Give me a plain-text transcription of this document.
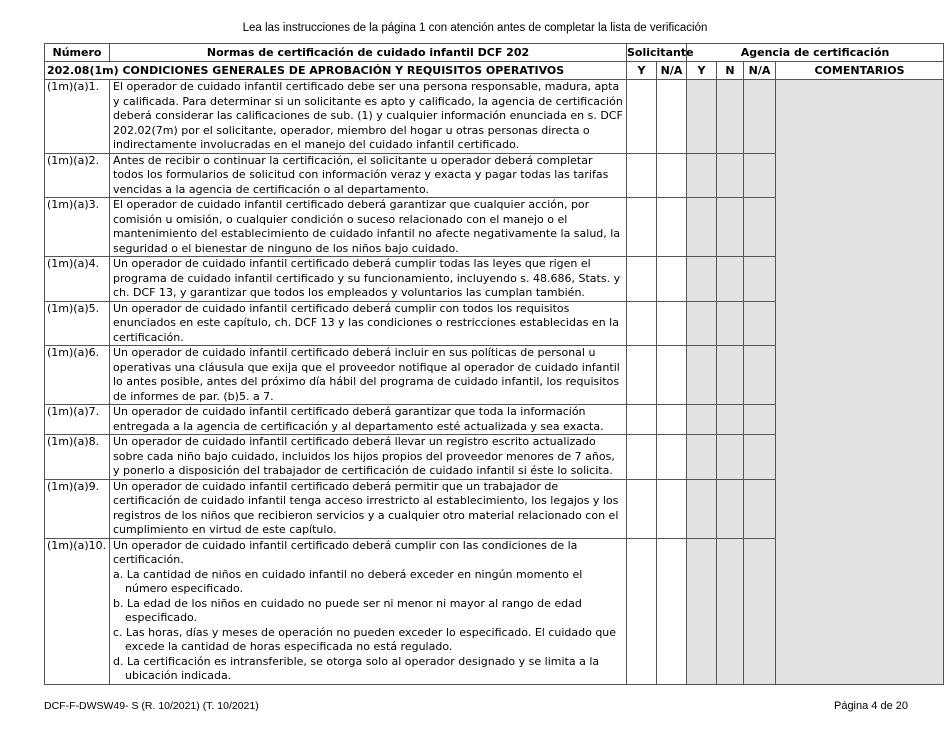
Lea las instrucciones de la página 1 con atención antes de completar la lista de verificación
Número	Normas de certificación de cuidado infantil DCF 202	Solicitante		Agencia de certificación			
202.08(1m) CONDICIONES GENERALES DE APROBACIÓN Y REQUISITOS OPERATIVOS		Y	N/A	Y	N	N/A	COMENTARIOS
(1m)(a)1.	El operador de cuidado infantil certificado debe ser una persona responsable, madura, apta y calificada. Para determinar si un solicitante es apto y calificado, la agencia de certificación deberá considerar las calificaciones de sub. (1) y cualquier información enunciada en s. DCF 202.02(7m) por el solicitante, operador, miembro del hogar u otras personas directa o indirectamente involucradas en el manejo del cuidado infantil certificado.						
(1m)(a)2.	Antes de recibir o continuar la certificación, el solicitante u operador deberá completar todos los formularios de solicitud con información veraz y exacta y pagar todas las tarifas vencidas a la agencia de certificación o al departamento.						
(1m)(a)3.	El operador de cuidado infantil certificado deberá garantizar que cualquier acción, por comisión u omisión, o cualquier condición o suceso relacionado con el manejo o el mantenimiento del establecimiento de cuidado infantil no afecte negativamente la salud, la seguridad o el bienestar de ninguno de los niños bajo cuidado.						
(1m)(a)4.	Un operador de cuidado infantil certificado deberá cumplir todas las leyes que rigen el programa de cuidado infantil certificado y su funcionamiento, incluyendo s. 48.686, Stats. y ch. DCF 13, y garantizar que todos los empleados y voluntarios las cumplan también.						
(1m)(a)5.	Un operador de cuidado infantil certificado deberá cumplir con todos los requisitos enunciados en este capítulo, ch. DCF 13 y las condiciones o restricciones establecidas en la certificación.						
(1m)(a)6.	Un operador de cuidado infantil certificado deberá incluir en sus políticas de personal u operativas una cláusula que exija que el proveedor notifique al operador de cuidado infantil lo antes posible, antes del próximo día hábil del programa de cuidado infantil, los requisitos de informes de par. (b)5. a 7.						
(1m)(a)7.	Un operador de cuidado infantil certificado deberá garantizar que toda la información entregada a la agencia de certificación y al departamento esté actualizada y sea exacta.						
(1m)(a)8.	Un operador de cuidado infantil certificado deberá llevar un registro escrito actualizado sobre cada niño bajo cuidado, incluidos los hijos propios del proveedor menores de 7 años, y ponerlo a disposición del trabajador de certificación de cuidado infantil si éste lo solicita.						
(1m)(a)9.	Un operador de cuidado infantil certificado deberá permitir que un trabajador de certificación de cuidado infantil tenga acceso irrestricto al establecimiento, los legajos y los registros de los niños que recibieron servicios y a cualquier otro material relacionado con el cumplimiento en virtud de este capítulo.						
(1m)(a)10.	Un operador de cuidado infantil certificado deberá cumplir con las condiciones de la certificación.
a. La cantidad de niños en cuidado infantil no deberá exceder en ningún momento el número especificado.
b. La edad de los niños en cuidado no puede ser ni menor ni mayor al rango de edad especificado.
c. Las horas, días y meses de operación no pueden exceder lo especificado. El cuidado que excede la cantidad de horas especificada no está regulado.
d. La certificación es intransferible, se otorga solo al operador designado y se limita a la ubicación indicada.						

DCF-F-DWSW49- S (R. 10/2021) (T. 10/2021)	Página 4 de 20
